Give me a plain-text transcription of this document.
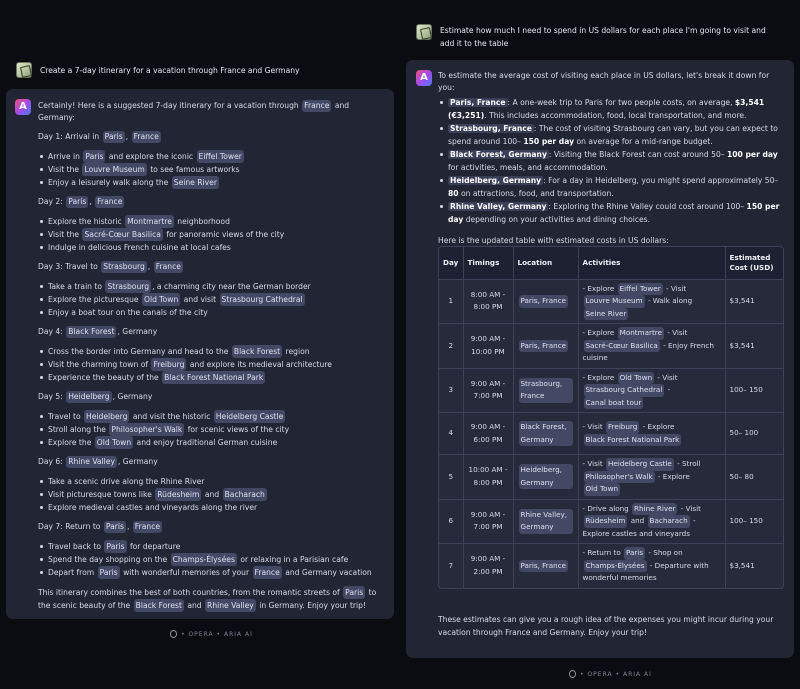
Create a 7-day itinerary for a vacation through France and Germany
A
Certainly! Here is a suggested 7-day itinerary for a vacation through France and Germany:
Day 1: Arrival in Paris , France
Arrive in Paris and explore the iconic Eiffel Tower
Visit the Louvre Museum to see famous artworks
Enjoy a leisurely walk along the Seine River
Day 2: Paris , France
Explore the historic Montmartre neighborhood
Visit the Sacré-Cœur Basilica for panoramic views of the city
Indulge in delicious French cuisine at local cafes
Day 3: Travel to Strasbourg , France
Take a train to Strasbourg , a charming city near the German border
Explore the picturesque Old Town and visit Strasbourg Cathedral
Enjoy a boat tour on the canals of the city
Day 4: Black Forest , Germany
Cross the border into Germany and head to the Black Forest region
Visit the charming town of Freiburg and explore its medieval architecture
Experience the beauty of the Black Forest National Park
Day 5: Heidelberg , Germany
Travel to Heidelberg and visit the historic Heidelberg Castle
Stroll along the Philosopher's Walk for scenic views of the city
Explore the Old Town and enjoy traditional German cuisine
Day 6: Rhine Valley , Germany
Take a scenic drive along the Rhine River
Visit picturesque towns like Rüdesheim and Bacharach
Explore medieval castles and vineyards along the river
Day 7: Return to Paris , France
Travel back to Paris for departure
Spend the day shopping on the Champs-Élysées or relaxing in a Parisian cafe
Depart from Paris with wonderful memories of your France and Germany vacation
This itinerary combines the best of both countries, from the romantic streets of Paris to the scenic beauty of the Black Forest and Rhine Valley in Germany. Enjoy your trip!
• OPERA • ARIA AI
Estimate how much I need to spend in US dollars for each place I'm going to visit and add it to the table
A
To estimate the average cost of visiting each place in US dollars, let's break it down for you:
Paris, France : A one-week trip to Paris for two people costs, on average, $3,541 (€3,251). This includes accommodation, food, local transportation, and more.
Strasbourg, France : The cost of visiting Strasbourg can vary, but you can expect to spend around 100– 150 per day on average for a mid-range budget.
Black Forest, Germany : Visiting the Black Forest can cost around 50– 100 per day for activities, meals, and accommodation.
Heidelberg, Germany : For a day in Heidelberg, you might spend approximately 50– 80 on attractions, food, and transportation.
Rhine Valley, Germany : Exploring the Rhine Valley could cost around 100– 150 per day depending on your activities and dining choices.
Here is the updated table with estimated costs in US dollars:
Day	Timings	Location	Activities	Estimated Cost (USD)
1	8:00 AM - 8:00 PM	Paris, France	- Explore Eiffel Tower - Visit Louvre Museum - Walk along Seine River	$3,541
2	9:00 AM - 10:00 PM	Paris, France	- Explore Montmartre - Visit Sacré-Cœur Basilica - Enjoy French cuisine	$3,541
3	9:00 AM - 7:00 PM	Strasbourg, France	- Explore Old Town - Visit Strasbourg Cathedral - Canal boat tour	100– 150
4	9:00 AM - 6:00 PM	Black Forest, Germany	- Visit Freiburg - Explore Black Forest National Park	50– 100
5	10:00 AM - 8:00 PM	Heidelberg, Germany	- Visit Heidelberg Castle - Stroll Philosopher's Walk - Explore Old Town	50– 80
6	9:00 AM - 7:00 PM	Rhine Valley, Germany	- Drive along Rhine River - Visit Rüdesheim and Bacharach - Explore castles and vineyards	100– 150
7	9:00 AM - 2:00 PM	Paris, France	- Return to Paris - Shop on Champs-Élysées - Departure with wonderful memories	$3,541
These estimates can give you a rough idea of the expenses you might incur during your vacation through France and Germany. Enjoy your trip!
• OPERA • ARIA AI
